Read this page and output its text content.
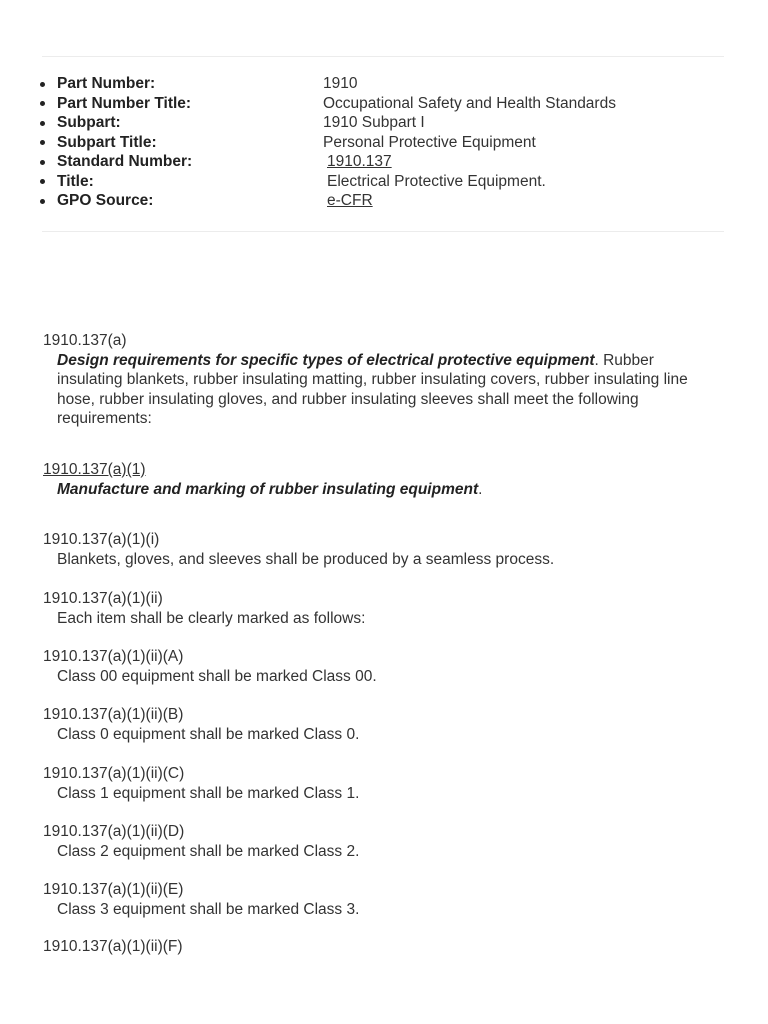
Part Number:	1910
Part Number Title:	Occupational Safety and Health Standards
Subpart:	1910 Subpart I
Subpart Title:	Personal Protective Equipment
Standard Number:	1910.137
Title:	Electrical Protective Equipment.
GPO Source:	e-CFR
1910.137(a)
Design requirements for specific types of electrical protective equipment. Rubber insulating blankets, rubber insulating matting, rubber insulating covers, rubber insulating line hose, rubber insulating gloves, and rubber insulating sleeves shall meet the following requirements:
1910.137(a)(1)
Manufacture and marking of rubber insulating equipment.
1910.137(a)(1)(i)
Blankets, gloves, and sleeves shall be produced by a seamless process.
1910.137(a)(1)(ii)
Each item shall be clearly marked as follows:
1910.137(a)(1)(ii)(A)
Class 00 equipment shall be marked Class 00.
1910.137(a)(1)(ii)(B)
Class 0 equipment shall be marked Class 0.
1910.137(a)(1)(ii)(C)
Class 1 equipment shall be marked Class 1.
1910.137(a)(1)(ii)(D)
Class 2 equipment shall be marked Class 2.
1910.137(a)(1)(ii)(E)
Class 3 equipment shall be marked Class 3.
1910.137(a)(1)(ii)(F)
